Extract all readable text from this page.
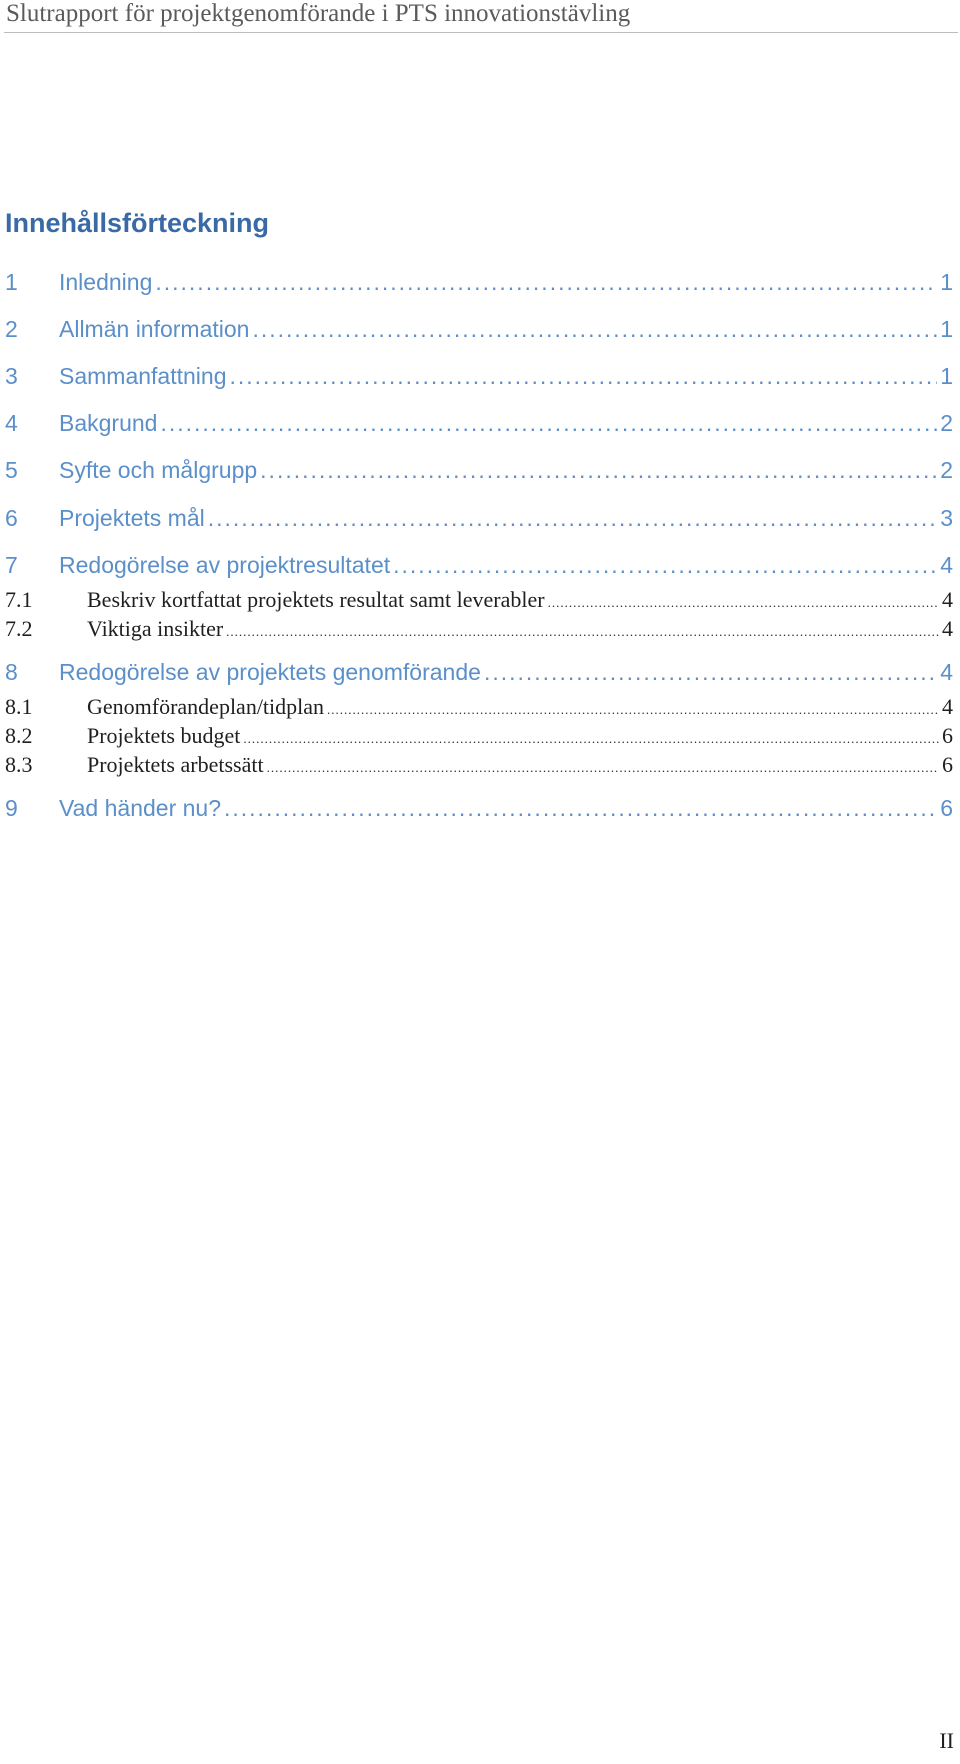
Slutrapport för projektgenomförande i PTS innovationstävling
Innehållsförteckning
1	Inledning .....	1
2	Allmän information .....	1
3	Sammanfattning .....	1
4	Bakgrund .....	2
5	Syfte och målgrupp .....	2
6	Projektets mål .....	3
7	Redogörelse av projektresultatet .....	4
7.1	Beskriv kortfattat projektets resultat samt leverabler .....	4
7.2	Viktiga insikter .....	4
8	Redogörelse av projektets genomförande .....	4
8.1	Genomförandeplan/tidplan .....	4
8.2	Projektets budget .....	6
8.3	Projektets arbetssätt .....	6
9	Vad händer nu? .....	6
II
